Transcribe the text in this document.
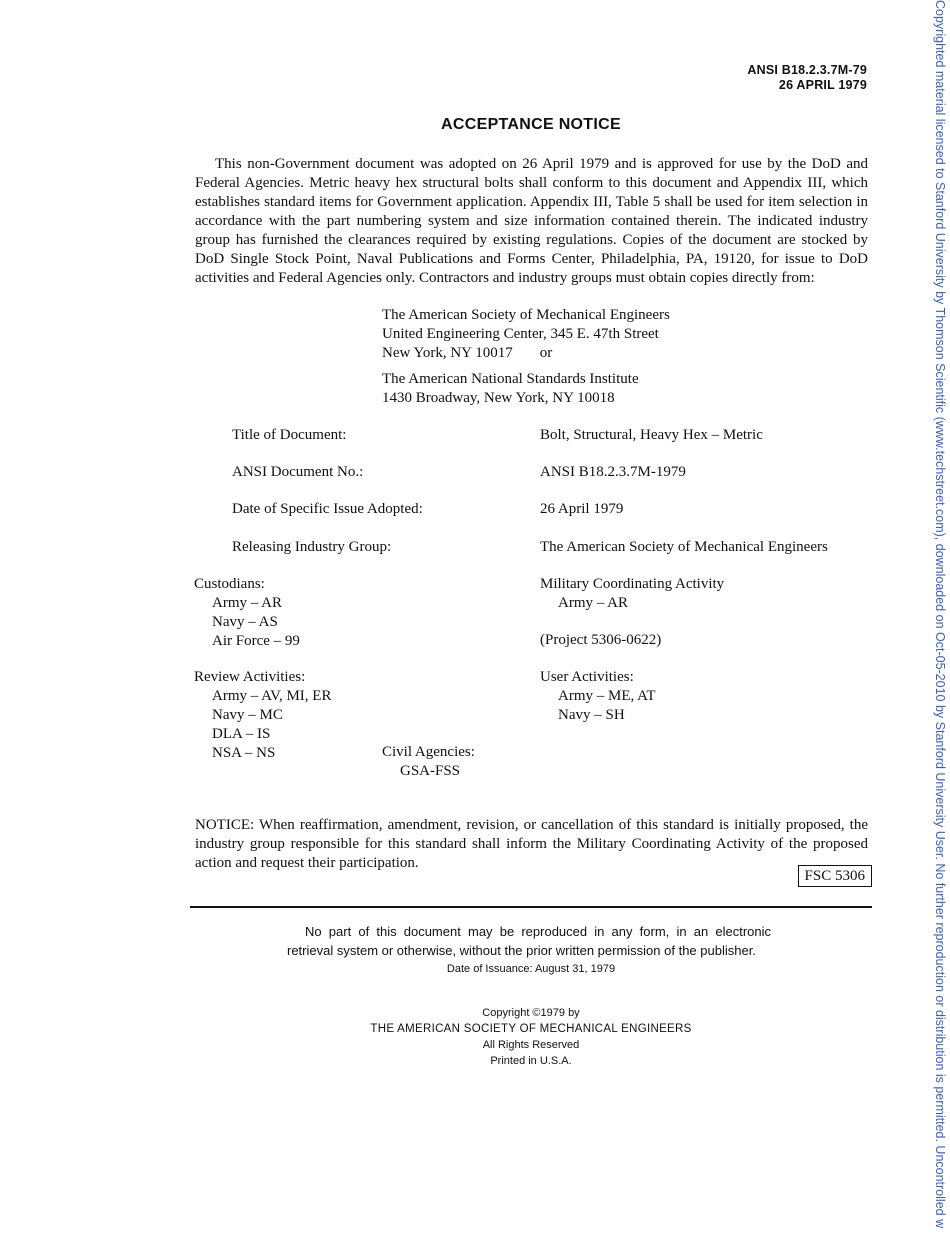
ANSI B18.2.3.7M-79
26 APRIL 1979
ACCEPTANCE NOTICE
This non-Government document was adopted on 26 April 1979 and is approved for use by the DoD and Federal Agencies. Metric heavy hex structural bolts shall conform to this document and Appendix III, which establishes standard items for Government application. Appendix III, Table 5 shall be used for item selection in accordance with the part numbering system and size information contained therein. The indicated industry group has furnished the clearances required by existing regulations. Copies of the document are stocked by DoD Single Stock Point, Naval Publications and Forms Center, Philadelphia, PA, 19120, for issue to DoD activities and Federal Agencies only. Contractors and industry groups must obtain copies directly from:
The American Society of Mechanical Engineers
United Engineering Center, 345 E. 47th Street
New York, NY 10017 or
The American National Standards Institute
1430 Broadway, New York, NY 10018
Title of Document:	Bolt, Structural, Heavy Hex – Metric
ANSI Document No.:	ANSI B18.2.3.7M-1979
Date of Specific Issue Adopted:	26 April 1979
Releasing Industry Group:	The American Society of Mechanical Engineers
Custodians:
Army – AR
Navy – AS
Air Force – 99
Military Coordinating Activity
Army – AR
(Project 5306-0622)
Review Activities:
Army – AV, MI, ER
Navy – MC
DLA – IS
NSA – NS
User Activities:
Army – ME, AT
Navy – SH
Civil Agencies:
GSA-FSS
NOTICE: When reaffirmation, amendment, revision, or cancellation of this standard is initially proposed, the industry group responsible for this standard shall inform the Military Coordinating Activity of the proposed action and request their participation.
FSC 5306
No part of this document may be reproduced in any form, in an electronic retrieval system or otherwise, without the prior written permission of the publisher.
Date of Issuance: August 31, 1979
Copyright ©1979 by
THE AMERICAN SOCIETY OF MECHANICAL ENGINEERS
All Rights Reserved
Printed in U.S.A.	Copyrighted material licensed to Stanford University by Thomson Scientific (www.techstreet.com), downloaded on Oct-05-2010 by Stanford University User. No further reproduction or distribution is permitted. Uncontrolled w
